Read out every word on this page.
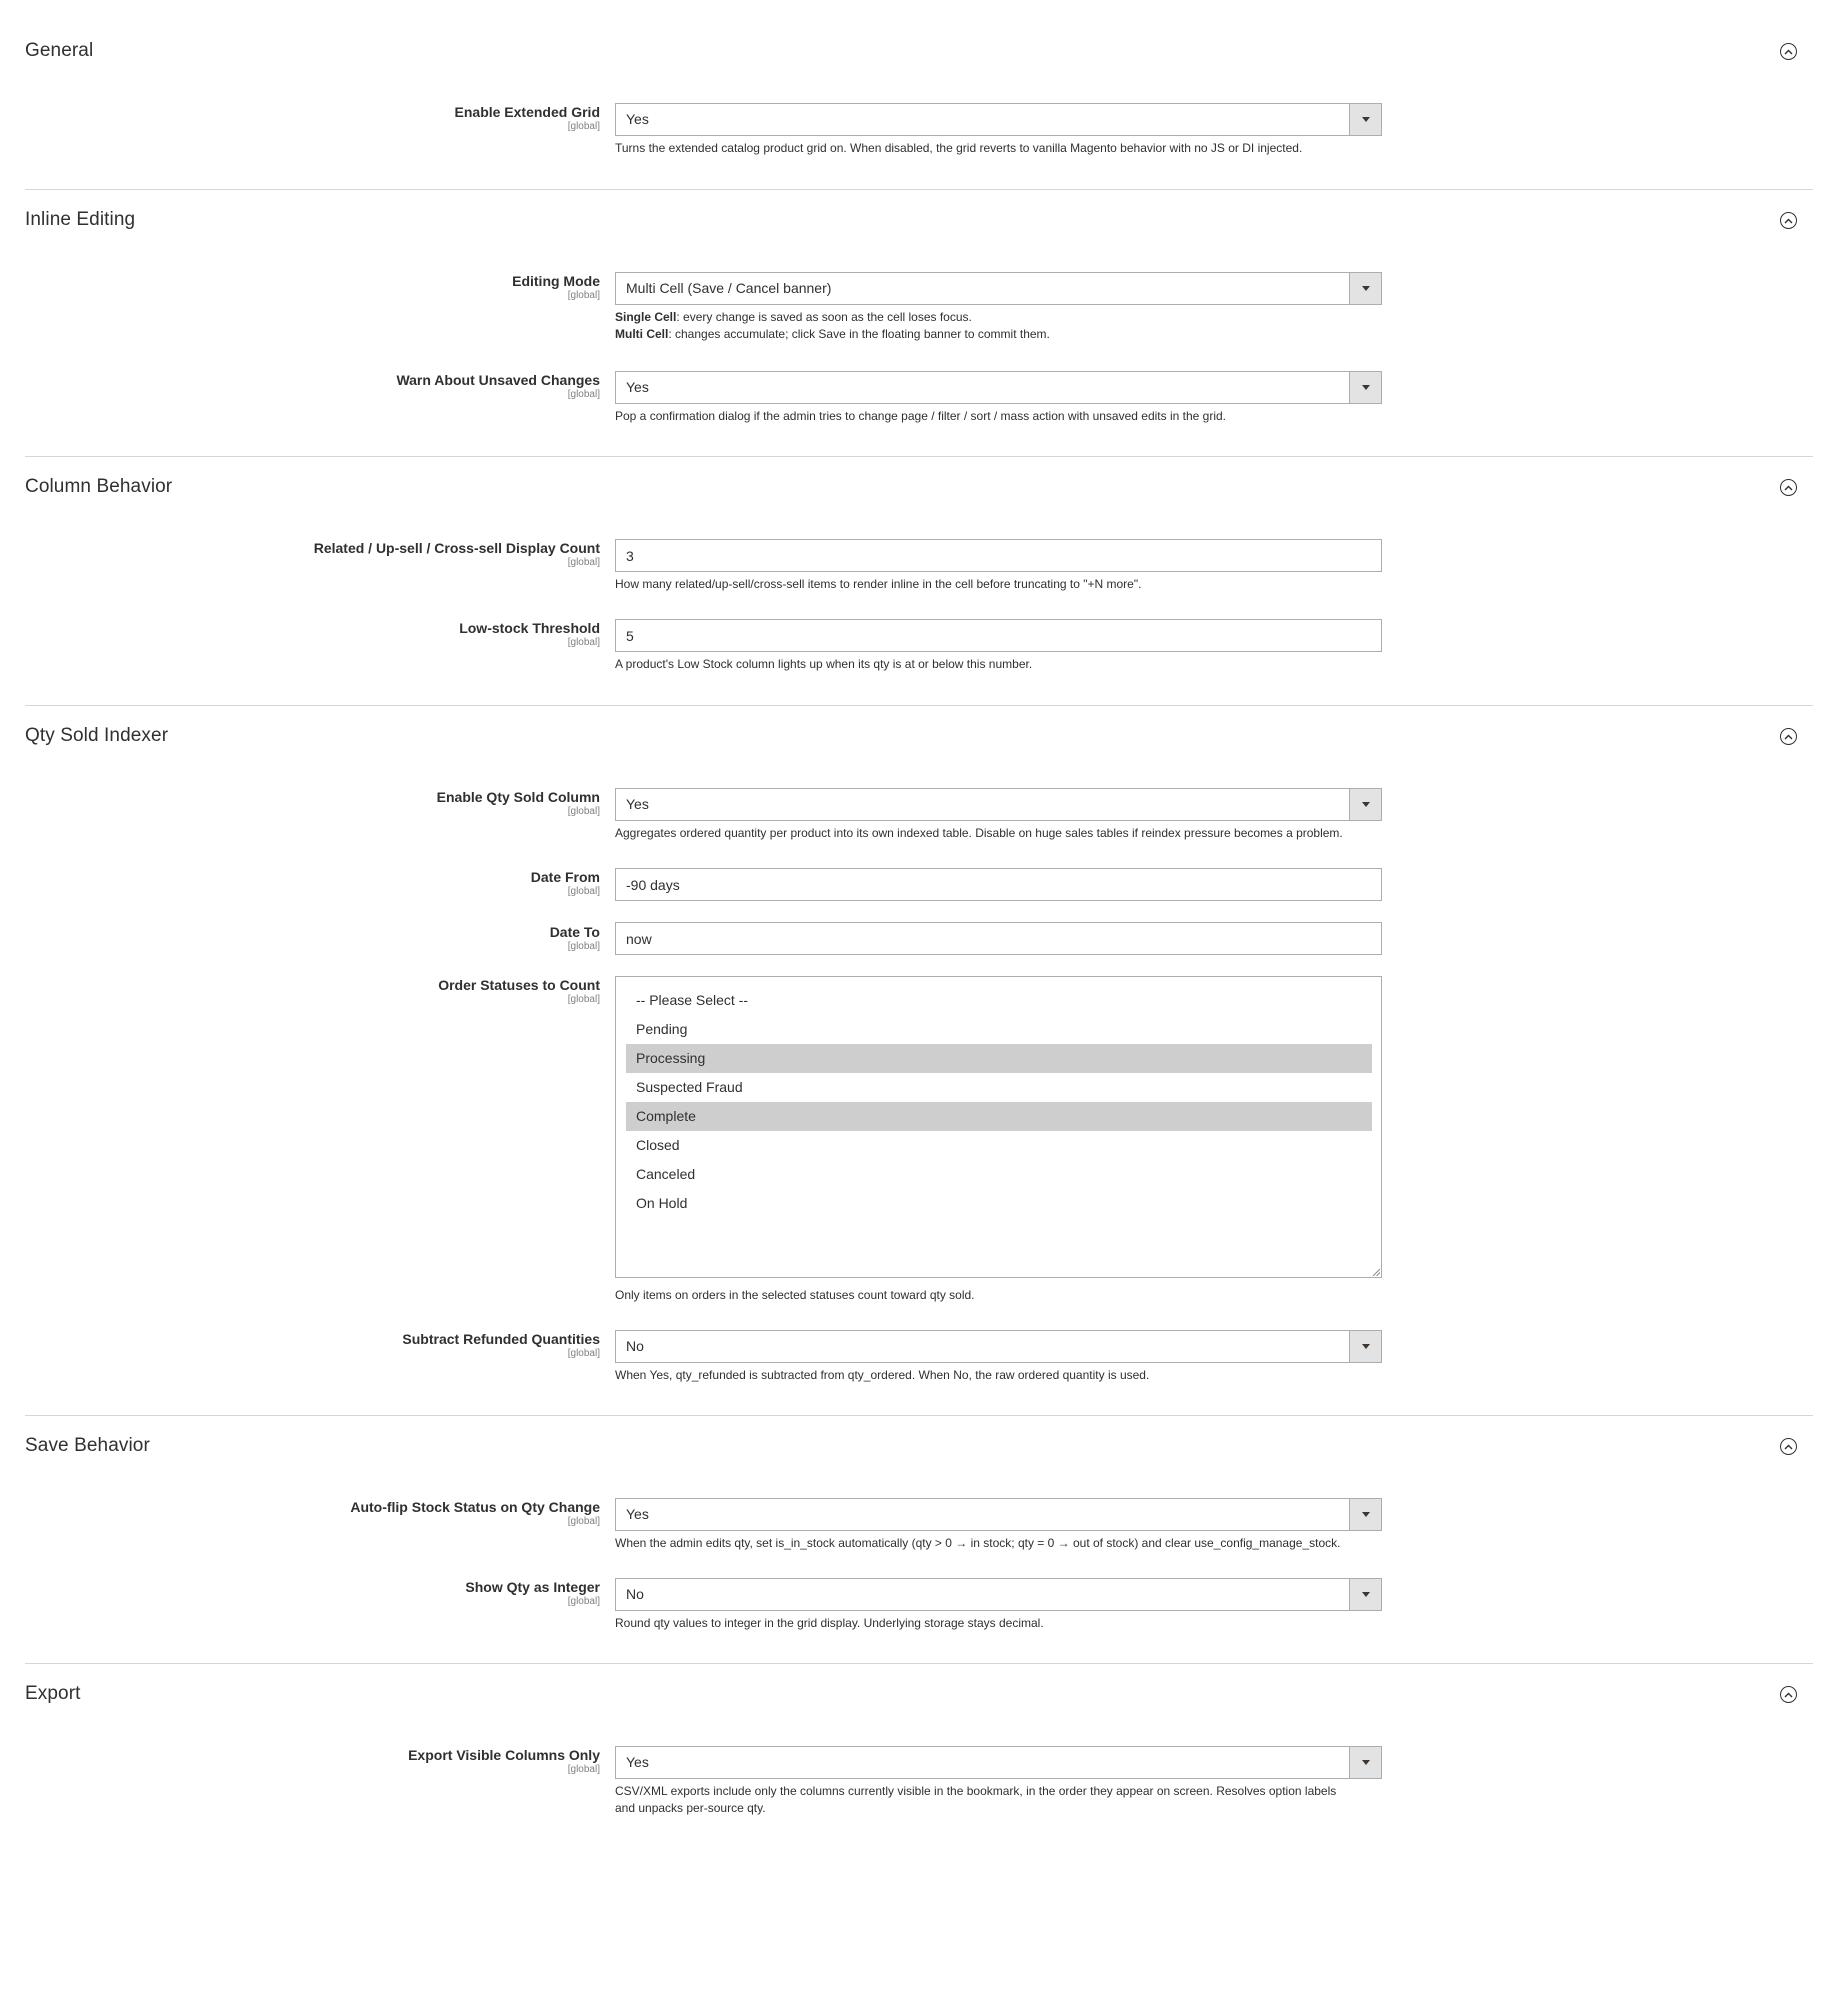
General
Enable Extended Grid
[global] Yes
Turns the extended catalog product grid on. When disabled, the grid reverts to vanilla Magento behavior with no JS or DI injected.
Inline Editing
Editing Mode
[global] Multi Cell (Save / Cancel banner)
Single Cell: every change is saved as soon as the cell loses focus.
Multi Cell: changes accumulate; click Save in the floating banner to commit them.
Warn About Unsaved Changes
[global] Yes
Pop a confirmation dialog if the admin tries to change page / filter / sort / mass action with unsaved edits in the grid.
Column Behavior
Related / Up-sell / Cross-sell Display Count
[global]
3
How many related/up-sell/cross-sell items to render inline in the cell before truncating to "+N more".
Low-stock Threshold
[global]
5
A product's Low Stock column lights up when its qty is at or below this number.
Qty Sold Indexer
Enable Qty Sold Column
[global] Yes
Aggregates ordered quantity per product into its own indexed table. Disable on huge sales tables if reindex pressure becomes a problem.
Date From
[global]
-90 days
Date To
[global]
now
Order Statuses to Count
[global]	-- Please Select --
Pending
Processing
Suspected Fraud
Complete
Closed
Canceled
On Hold
Only items on orders in the selected statuses count toward qty sold.
Subtract Refunded Quantities
[global] No
When Yes, qty_refunded is subtracted from qty_ordered. When No, the raw ordered quantity is used.
Save Behavior
Auto-flip Stock Status on Qty Change
[global] Yes
When the admin edits qty, set is_in_stock automatically (qty > 0 → in stock; qty = 0 → out of stock) and clear use_config_manage_stock.
Show Qty as Integer
[global] No
Round qty values to integer in the grid display. Underlying storage stays decimal.
Export
Export Visible Columns Only
[global] Yes
CSV/XML exports include only the columns currently visible in the bookmark, in the order they appear on screen. Resolves option labels
and unpacks per-source qty.
